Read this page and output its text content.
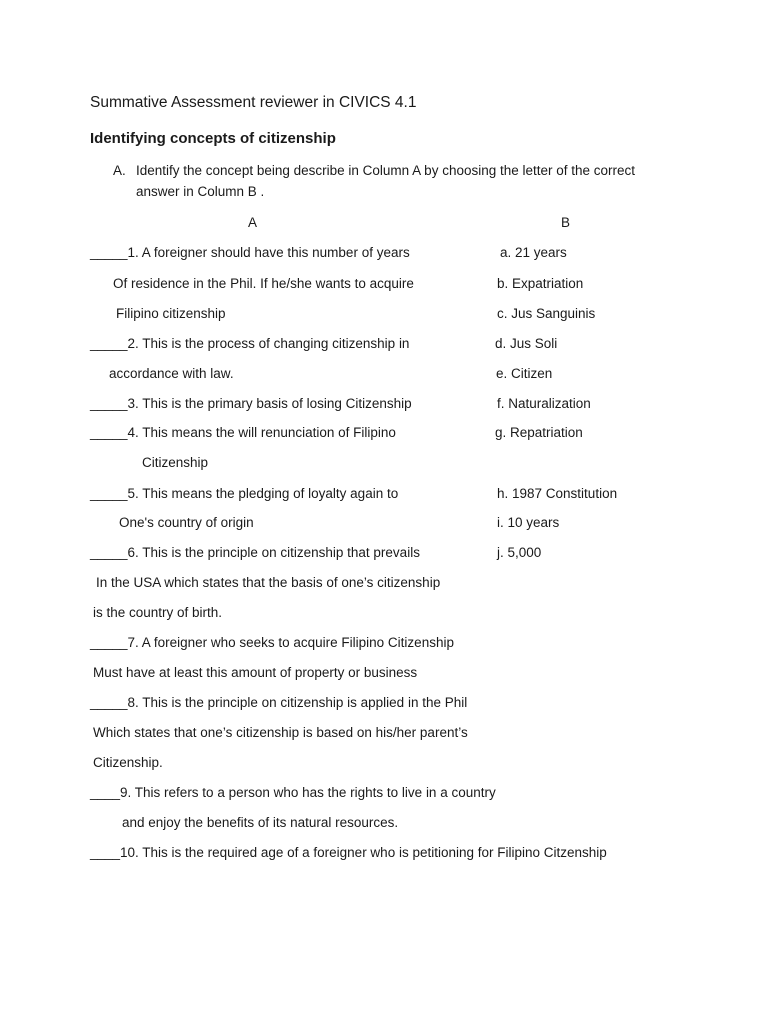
Summative Assessment reviewer in CIVICS 4.1
Identifying concepts of citizenship
A. Identify the concept being describe in Column A by choosing the letter of the correct
answer in Column B .
A	B
_____1. A foreigner should have this number of years
Of residence in the Phil. If he/she wants to acquire
Filipino citizenship
_____2. This is the process of changing citizenship in
accordance with law.
_____3. This is the primary basis of losing Citizenship
_____4. This means the will renunciation of Filipino
Citizenship
_____5. This means the pledging of loyalty again to
One's country of origin
_____6. This is the principle on citizenship that prevails
In the USA which states that the basis of one’s citizenship
is the country of birth.
_____7. A foreigner who seeks to acquire Filipino Citizenship
Must have at least this amount of property or business
_____8. This is the principle on citizenship is applied in the Phil
Which states that one’s citizenship is based on his/her parent’s
Citizenship.
____9. This refers to a person who has the rights to live in a country
and enjoy the benefits of its natural resources.
____10. This is the required age of a foreigner who is petitioning for Filipino Citzenship
a. 21 years
b. Expatriation
c. Jus Sanguinis
d. Jus Soli
e. Citizen
f. Naturalization
g. Repatriation
h. 1987 Constitution
i. 10 years
j. 5,000
